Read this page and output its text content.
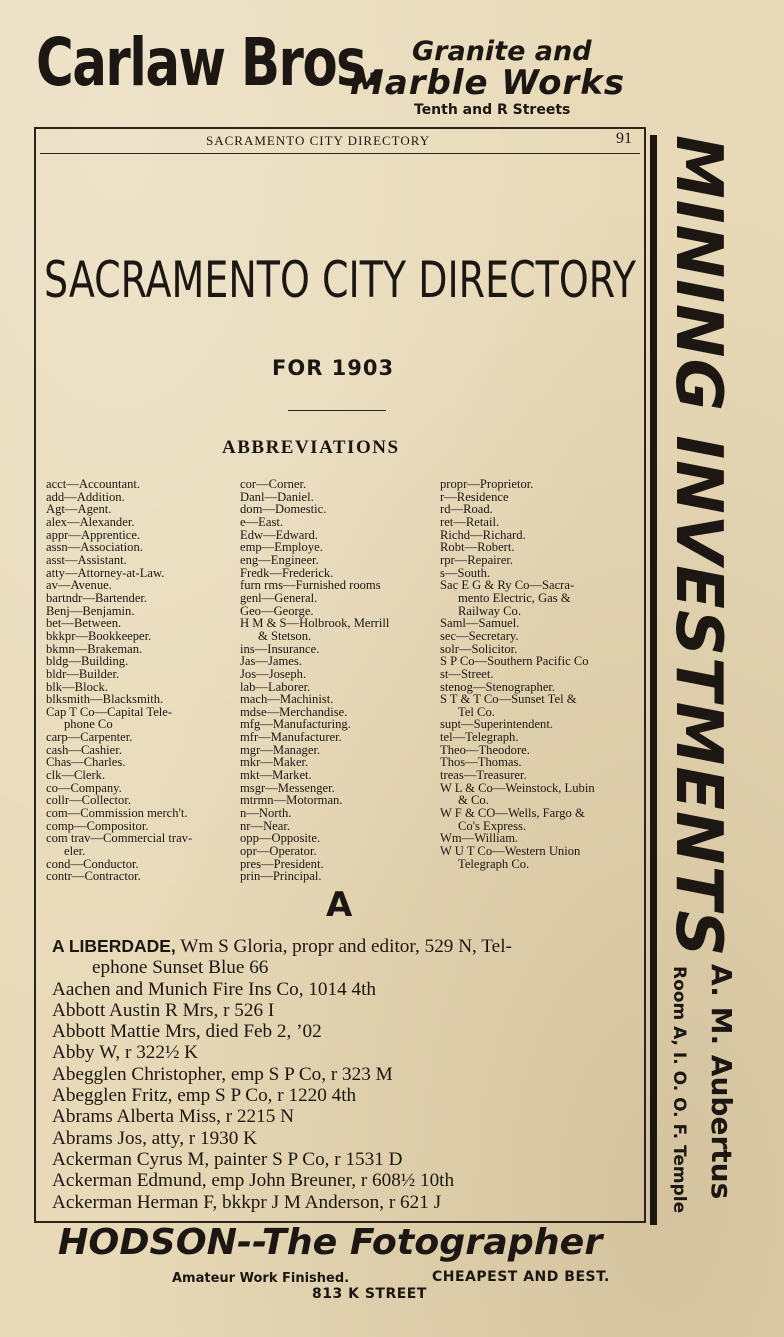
Carlaw Bros. Granite and
Marble Works
Tenth and R Streets
SACRAMENTO CITY DIRECTORY	91
SACRAMENTO CITY DIRECTORY
FOR 1903
ABBREVIATIONS
acct—Accountant.
add—Addition.
Agt—Agent.
alex—Alexander.
appr—Apprentice.
assn—Association.
asst—Assistant.
atty—Attorney-at-Law.
av—Avenue.
bartndr—Bartender.
Benj—Benjamin.
bet—Between.
bkkpr—Bookkeeper.
bkmn—Brakeman.
bldg—Building.
bldr—Builder.
blk—Block.
blksmith—Blacksmith.
Cap T Co—Capital Tele-
phone Co
carp—Carpenter.
cash—Cashier.
Chas—Charles.
clk—Clerk.
co—Company.
collr—Collector.
com—Commission merch't.
comp—Compositor.
com trav—Commercial trav-
eler.
cond—Conductor.
contr—Contractor.
cor—Corner.
Danl—Daniel.
dom—Domestic.
e—East.
Edw—Edward.
emp—Employe.
eng—Engineer.
Fredk—Frederick.
furn rms—Furnished rooms
genl—General.
Geo—George.
H M & S—Holbrook, Merrill
& Stetson.
ins—Insurance.
Jas—James.
Jos—Joseph.
lab—Laborer.
mach—Machinist.
mdse—Merchandise.
mfg—Manufacturing.
mfr—Manufacturer.
mgr—Manager.
mkr—Maker.
mkt—Market.
msgr—Messenger.
mtrmn—Motorman.
n—North.
nr—Near.
opp—Opposite.
opr—Operator.
pres—President.
prin—Principal.
propr—Proprietor.
r—Residence
rd—Road.
ret—Retail.
Richd—Richard.
Robt—Robert.
rpr—Repairer.
s—South.
Sac E G & Ry Co—Sacra-
mento Electric, Gas &
Railway Co.
Saml—Samuel.
sec—Secretary.
solr—Solicitor.
S P Co—Southern Pacific Co
st—Street.
stenog—Stenographer.
S T & T Co—Sunset Tel &
Tel Co.
supt—Superintendent.
tel—Telegraph.
Theo—Theodore.
Thos—Thomas.
treas—Treasurer.
W L & Co—Weinstock, Lubin
& Co.
W F & CO—Wells, Fargo &
Co's Express.
Wm—William.
W U T Co—Western Union
Telegraph Co.
A
A LIBERDADE, Wm S Gloria, propr and editor, 529 N, Tel-
ephone Sunset Blue 66
Aachen and Munich Fire Ins Co, 1014 4th
Abbott Austin R Mrs, r 526 I
Abbott Mattie Mrs, died Feb 2, ’02
Abby W, r 322½ K
Abegglen Christopher, emp S P Co, r 323 M
Abegglen Fritz, emp S P Co, r 1220 4th
Abrams Alberta Miss, r 2215 N
Abrams Jos, atty, r 1930 K
Ackerman Cyrus M, painter S P Co, r 1531 D
Ackerman Edmund, emp John Breuner, r 608½ 10th
Ackerman Herman F, bkkpr J M Anderson, r 621 J
MINING INVESTMENTS
A. M. Aubertus
Room A, I. O. O. F. Temple
HODSON--The Fotographer
Amateur Work Finished.	CHEAPEST AND BEST.
813 K STREET
